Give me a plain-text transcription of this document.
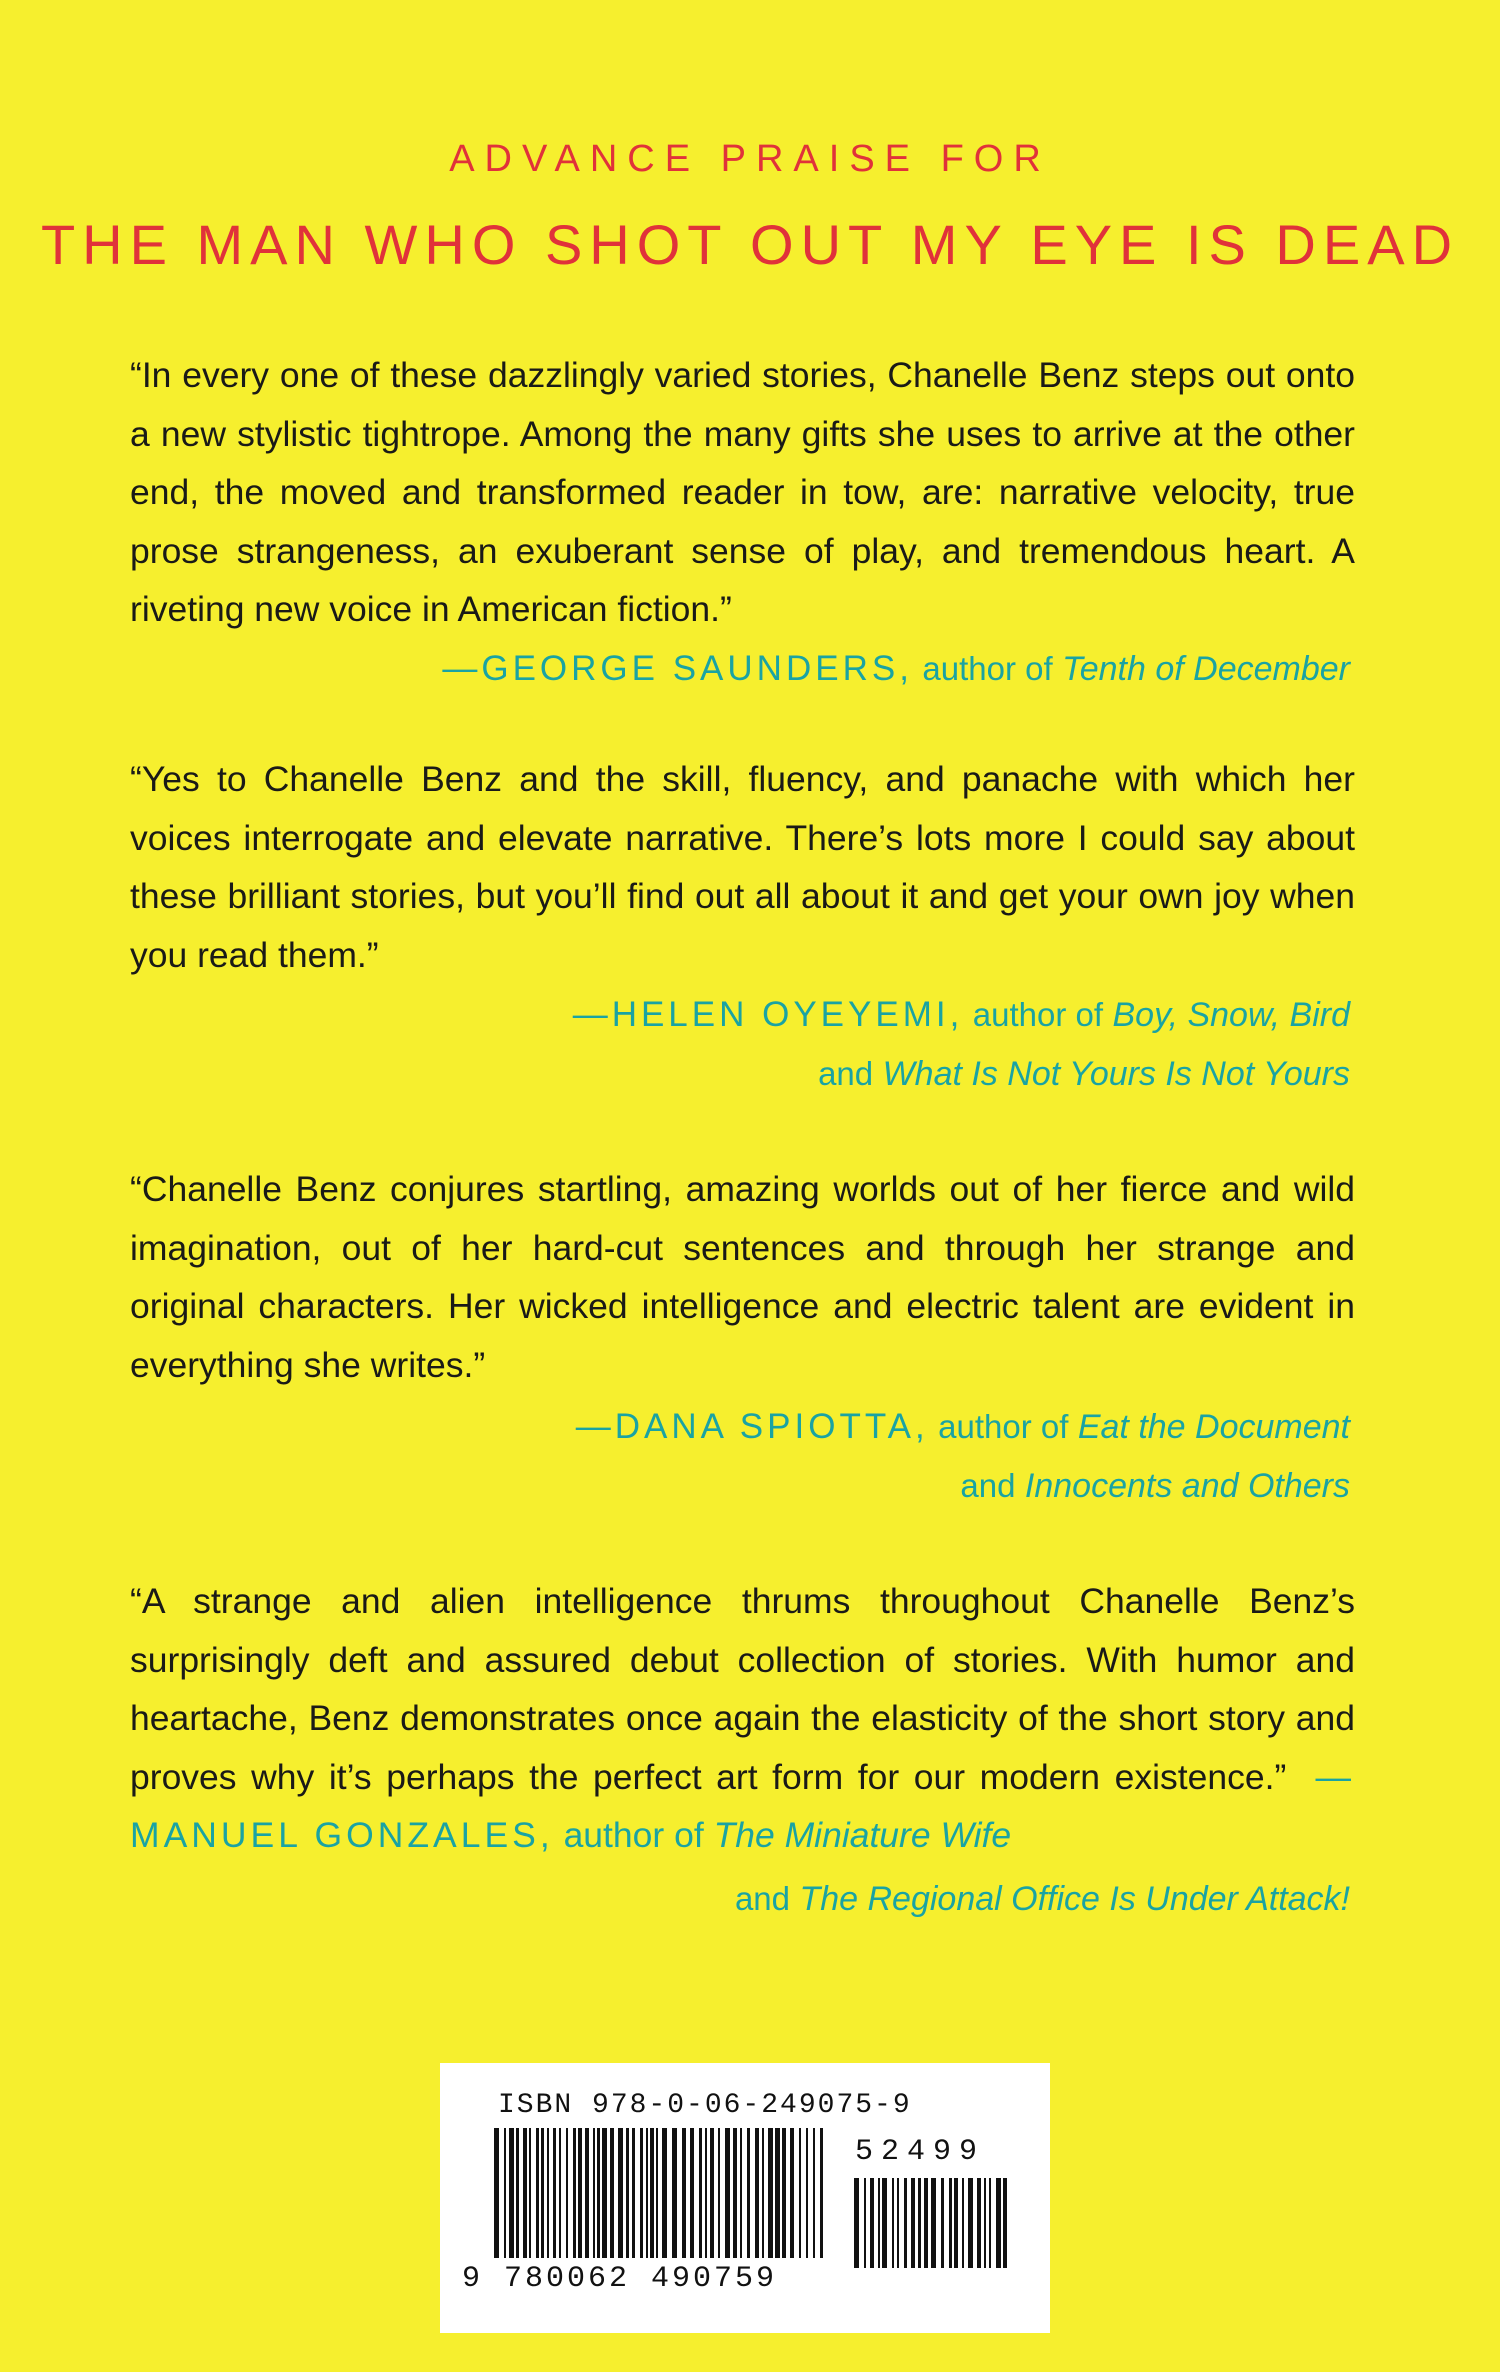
ADVANCE PRAISE FOR
THE MAN WHO SHOT OUT MY EYE IS DEAD
“In every one of these dazzlingly varied stories, Chanelle Benz steps out onto a new stylistic tightrope. Among the many gifts she uses to arrive at the other end, the moved and transformed reader in tow, are: narrative velocity, true prose strangeness, an exuberant sense of play, and tremendous heart. A riveting new voice in American fiction.”
—GEORGE SAUNDERS, author of Tenth of December
“Yes to Chanelle Benz and the skill, fluency, and panache with which her voices interrogate and elevate narrative. There’s lots more I could say about these brilliant stories, but you’ll find out all about it and get your own joy when you read them.”
—HELEN OYEYEMI, author of Boy, Snow, Bird
and What Is Not Yours Is Not Yours
“Chanelle Benz conjures startling, amazing worlds out of her fierce and wild imagination, out of her hard-cut sentences and through her strange and original characters. Her wicked intelligence and electric talent are evident in everything she writes.”
—DANA SPIOTTA, author of Eat the Document
and Innocents and Others
“A strange and alien intelligence thrums throughout Chanelle Benz’s surprisingly deft and assured debut collection of stories. With humor and heartache, Benz demonstrates once again the elasticity of the short story and proves why it’s perhaps the perfect art form for our modern existence.” —MANUEL GONZALES, author of The Miniature Wife
and The Regional Office Is Under Attack!
ISBN 978-0-06-249075-9
52499
9 780062 490759
